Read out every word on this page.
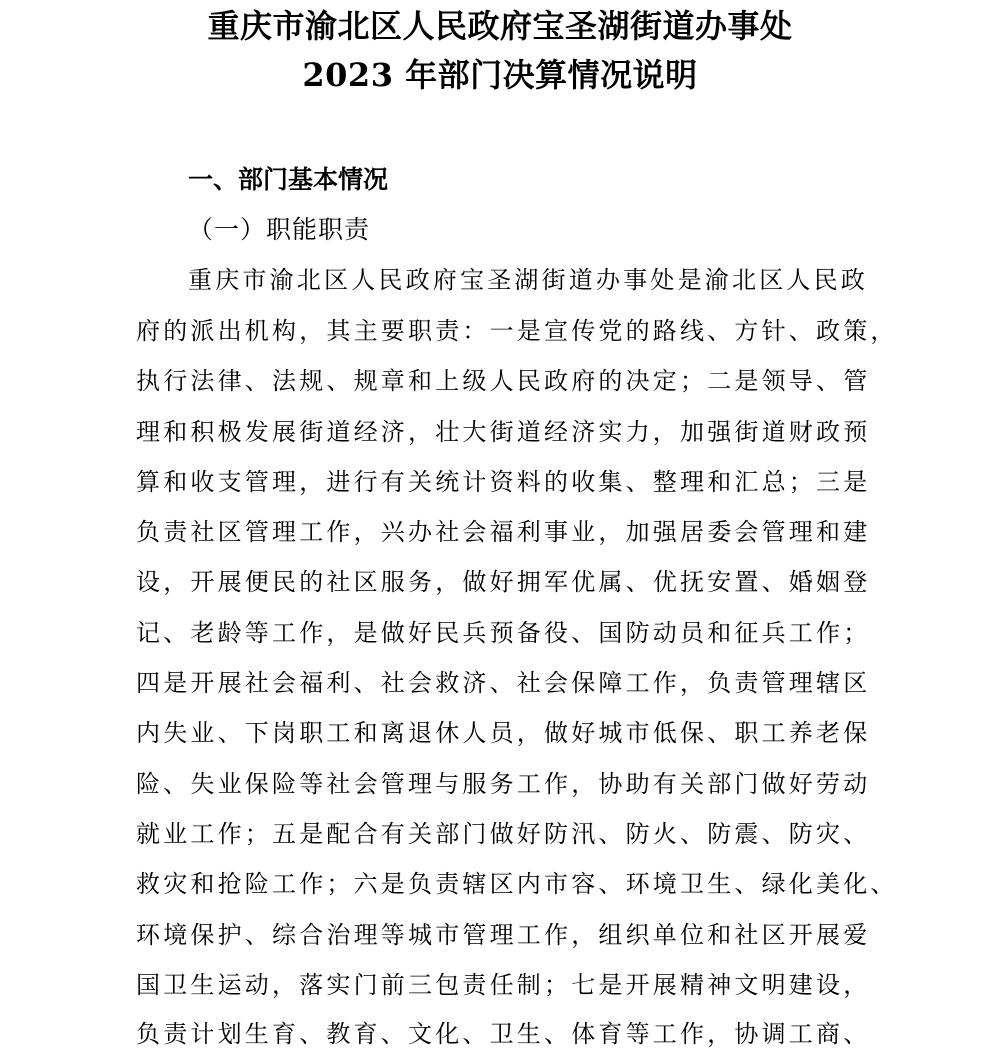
重庆市渝北区人民政府宝圣湖街道办事处
2023 年部门决算情况说明
一、部门基本情况
（一）职能职责
重庆市渝北区人民政府宝圣湖街道办事处是渝北区人民政
府的派出机构，其主要职责：一是宣传党的路线、方针、政策，
执行法律、法规、规章和上级人民政府的决定；二是领导、管
理和积极发展街道经济，壮大街道经济实力，加强街道财政预
算和收支管理，进行有关统计资料的收集、整理和汇总；三是
负责社区管理工作，兴办社会福利事业，加强居委会管理和建
设，开展便民的社区服务，做好拥军优属、优抚安置、婚姻登
记、老龄等工作，是做好民兵预备役、国防动员和征兵工作；
四是开展社会福利、社会救济、社会保障工作，负责管理辖区
内失业、下岗职工和离退休人员，做好城市低保、职工养老保
险、失业保险等社会管理与服务工作，协助有关部门做好劳动
就业工作；五是配合有关部门做好防汛、防火、防震、防灾、
救灾和抢险工作；六是负责辖区内市容、环境卫生、绿化美化、
环境保护、综合治理等城市管理工作，组织单位和社区开展爱
国卫生运动，落实门前三包责任制；七是开展精神文明建设，
负责计划生育、教育、文化、卫生、体育等工作，协调工商、
